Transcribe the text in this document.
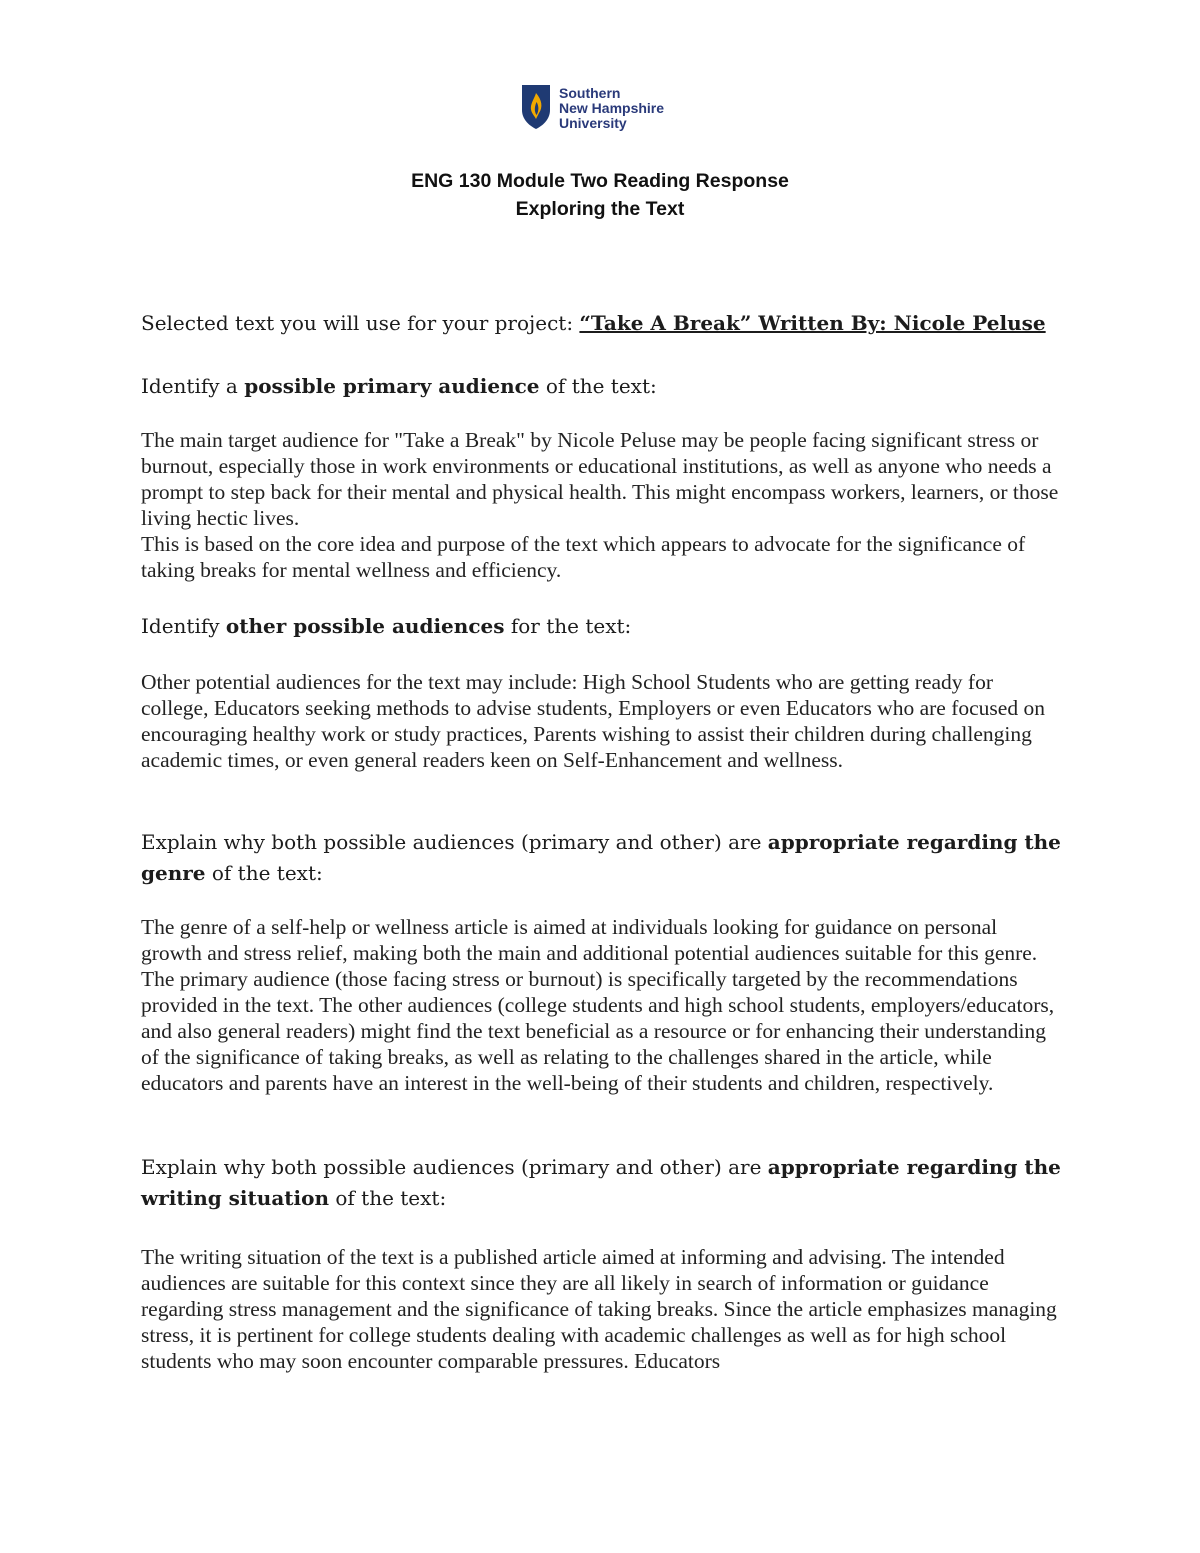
Southern
New Hampshire
University
ENG 130 Module Two Reading Response
Exploring the Text
Selected text you will use for your project: “Take A Break” Written By: Nicole Peluse
Identify a possible primary audience of the text:
The main target audience for "Take a Break" by Nicole Peluse may be people facing significant stress or burnout, especially those in work environments or educational institutions, as well as anyone who needs a prompt to step back for their mental and physical health. This might encompass workers, learners, or those living hectic lives.
This is based on the core idea and purpose of the text which appears to advocate for the significance of taking breaks for mental wellness and efficiency.
Identify other possible audiences for the text:
Other potential audiences for the text may include: High School Students who are getting ready for college, Educators seeking methods to advise students, Employers or even Educators who are focused on encouraging healthy work or study practices, Parents wishing to assist their children during challenging academic times, or even general readers keen on Self-Enhancement and wellness.
Explain why both possible audiences (primary and other) are appropriate regarding the genre of the text:
The genre of a self-help or wellness article is aimed at individuals looking for guidance on personal growth and stress relief, making both the main and additional potential audiences suitable for this genre. The primary audience (those facing stress or burnout) is specifically targeted by the recommendations provided in the text. The other audiences (college students and high school students, employers/educators, and also general readers) might find the text beneficial as a resource or for enhancing their understanding of the significance of taking breaks, as well as relating to the challenges shared in the article, while educators and parents have an interest in the well-being of their students and children, respectively.
Explain why both possible audiences (primary and other) are appropriate regarding the writing situation of the text:
The writing situation of the text is a published article aimed at informing and advising. The intended audiences are suitable for this context since they are all likely in search of information or guidance regarding stress management and the significance of taking breaks. Since the article emphasizes managing stress, it is pertinent for college students dealing with academic challenges as well as for high school students who may soon encounter comparable pressures. Educators
